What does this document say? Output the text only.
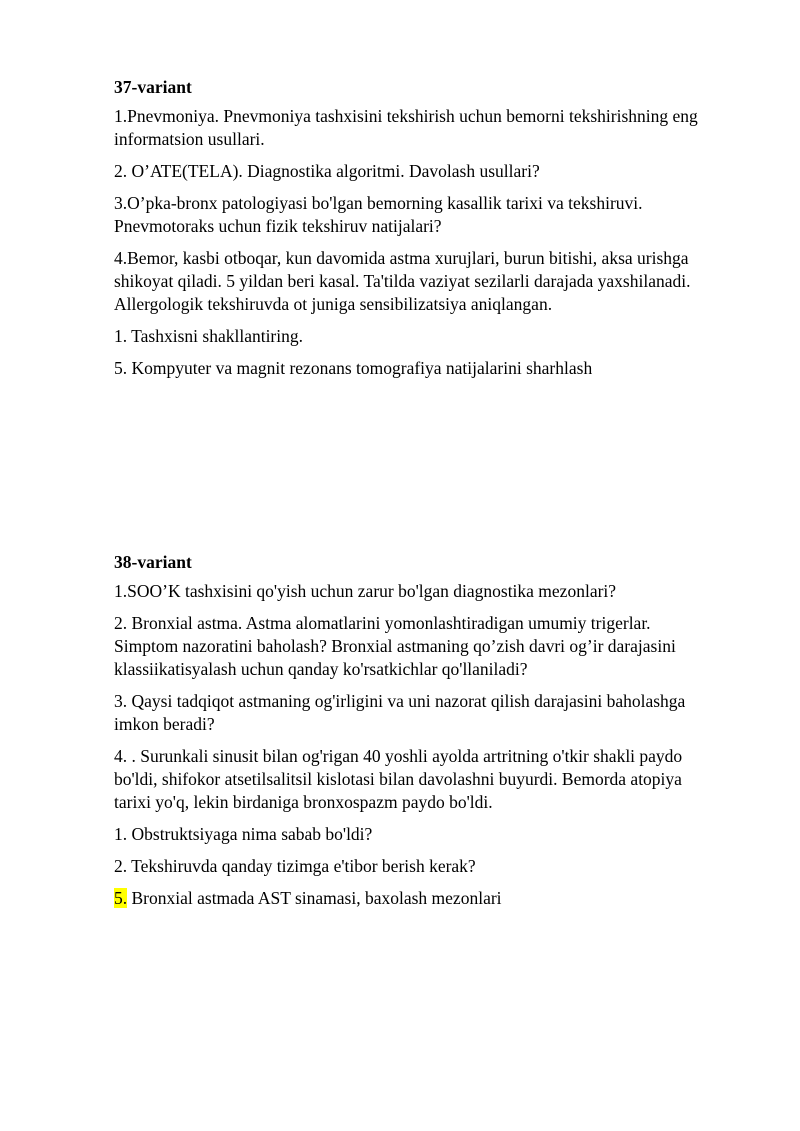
37-variant
1.Pnevmoniya. Pnevmoniya tashxisini tekshirish uchun bemorni tekshirishning eng
informatsion usullari.
2. O’ATE(TELA). Diagnostika algoritmi. Davolash usullari?
3.O’pka-bronx patologiyasi bo'lgan bemorning kasallik tarixi va tekshiruvi.
Pnevmotoraks uchun fizik tekshiruv natijalari?
4.Bemor, kasbi otboqar, kun davomida astma xurujlari, burun bitishi, aksa urishga
shikoyat qiladi. 5 yildan beri kasal. Ta'tilda vaziyat sezilarli darajada yaxshilanadi.
Allergologik tekshiruvda ot juniga sensibilizatsiya aniqlangan.
1. Tashxisni shakllantiring.
5. Kompyuter va magnit rezonans tomografiya natijalarini sharhlash
38-variant
1.SOO’K tashxisini qo'yish uchun zarur bo'lgan diagnostika mezonlari?
2. Bronxial astma. Astma alomatlarini yomonlashtiradigan umumiy trigerlar.
Simptom nazoratini baholash? Bronxial astmaning qo’zish davri og’ir darajasini
klassiikatisyalash uchun qanday ko'rsatkichlar qo'llaniladi?
3. Qaysi tadqiqot astmaning og'irligini va uni nazorat qilish darajasini baholashga
imkon beradi?
4. . Surunkali sinusit bilan og'rigan 40 yoshli ayolda artritning o'tkir shakli paydo
bo'ldi, shifokor atsetilsalitsil kislotasi bilan davolashni buyurdi. Bemorda atopiya
tarixi yo'q, lekin birdaniga bronxospazm paydo bo'ldi.
1. Obstruktsiyaga nima sabab bo'ldi?
2. Tekshiruvda qanday tizimga e'tibor berish kerak?
5. Bronxial astmada AST sinamasi, baxolash mezonlari
